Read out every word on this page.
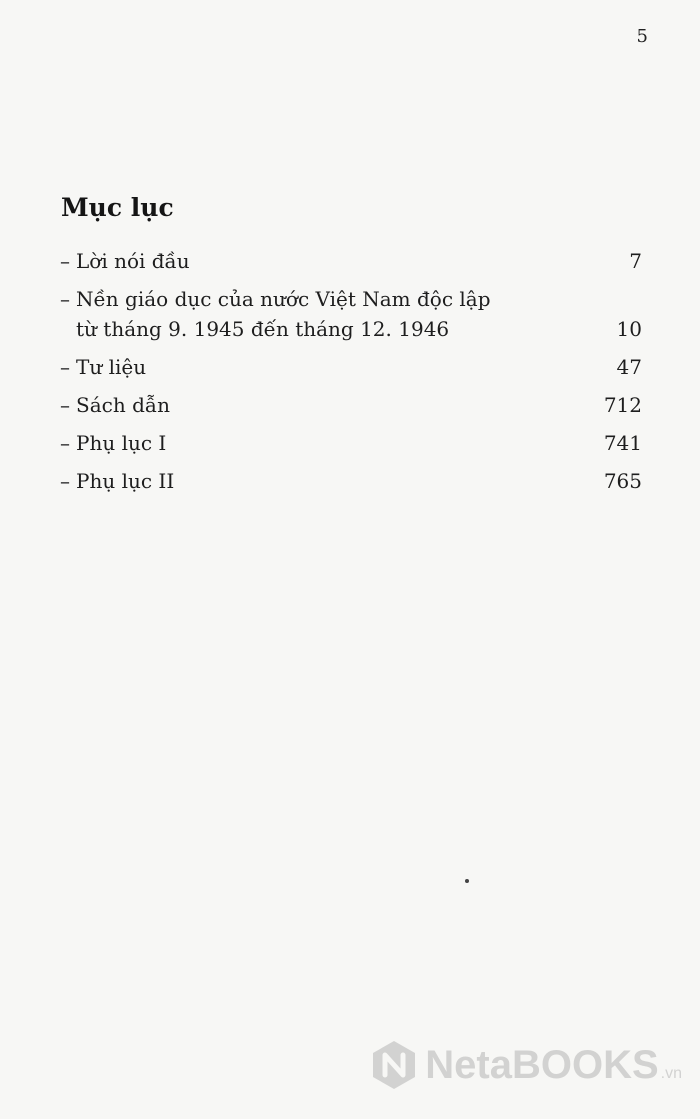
5
Mục lục
– Lời nói đầu	7
– Nền giáo dục của nước Việt Nam độc lập
từ tháng 9. 1945 đến tháng 12. 1946	10
– Tư liệu	47
– Sách dẫn	712
– Phụ lục I	741
– Phụ lục II	765
NetaBOOKS .vn
